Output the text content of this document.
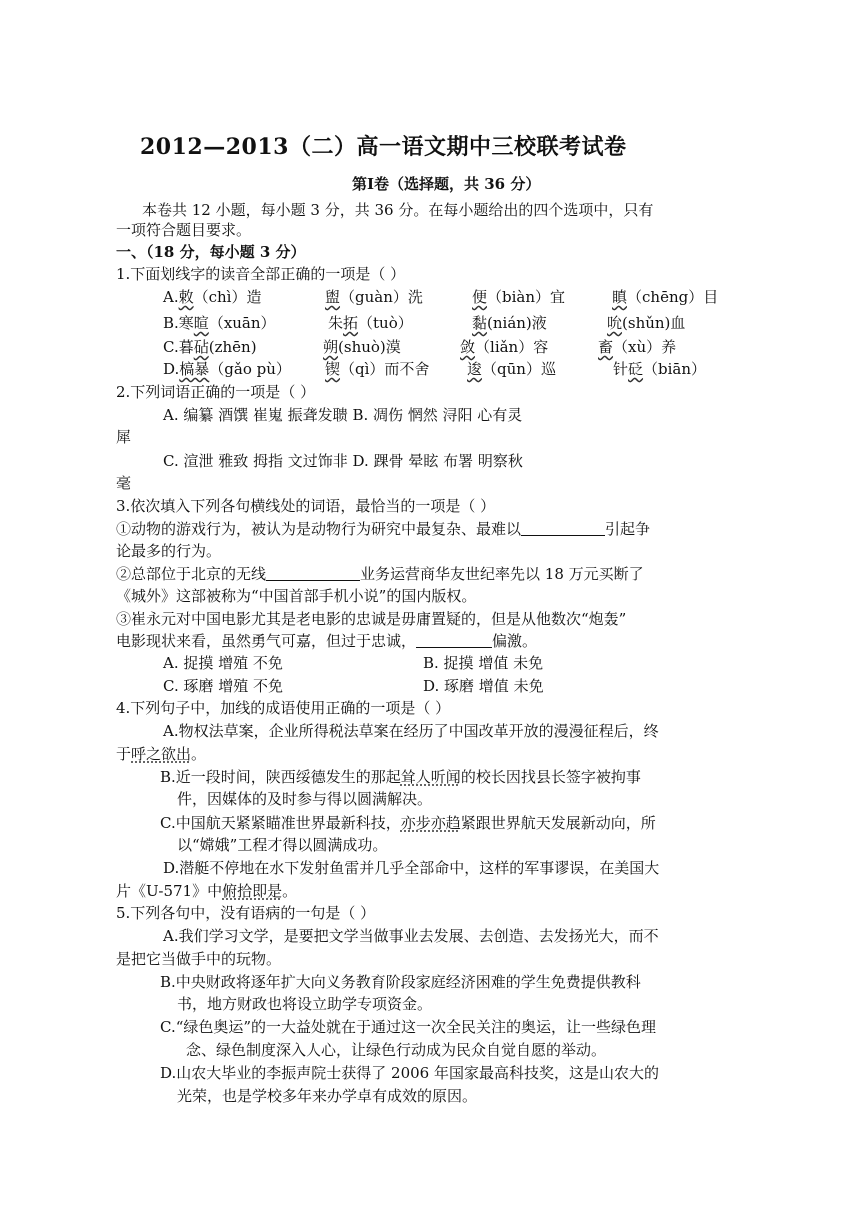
2012—2013（二）高一语文期中三校联考试卷
第Ⅰ卷（选择题，共 36 分）
本卷共 12 小题，每小题 3 分，共 36 分。在每小题给出的四个选项中，只有
一项符合题目要求。
一、（18 分，每小题 3 分）
1.下面划线字的读音全部正确的一项是（ ）
A.敕（chì）造	盥（guàn）洗	便（biàn）宜	瞋（chēng）目
B.寒暄（xuān）	朱拓（tuò）	黏(nián)液	吮(shǔn)血
C.暮砧(zhēn)	朔(shuò)漠	敛（liǎn）容	畜（xù）养
D.槁暴（gǎo pù） 锲（qì）而不舍	逡（qūn）巡	针砭（biān）
2.下列词语正确的一项是（ ）
A. 编纂 酒馔 崔嵬 振聋发聩 B. 凋伤 惘然 浔阳 心有灵
犀
C. 渲泄 雅致 拇指 文过饰非 D. 踝骨 晕眩 布署 明察秋
毫
3.依次填入下列各句横线处的词语，最恰当的一项是（ ）
①动物的游戏行为，被认为是动物行为研究中最复杂、最难以	引起争
论最多的行为。
②总部位于北京的无线	业务运营商华友世纪率先以 18 万元买断了
《城外》这部被称为“中国首部手机小说”的国内版权。
③崔永元对中国电影尤其是老电影的忠诚是毋庸置疑的，但是从他数次“炮轰”
电影现状来看，虽然勇气可嘉，但过于忠诚，	偏激。
A. 捉摸 增殖 不免	B. 捉摸 增值 未免
C. 琢磨 增殖 不免	D. 琢磨 增值 未免
4.下列句子中，加线的成语使用正确的一项是（ ）
A.物权法草案，企业所得税法草案在经历了中国改革开放的漫漫征程后，终
于呼之欲出。
B.近一段时间，陕西绥德发生的那起耸人听闻的校长因找县长签字被拘事
件，因媒体的及时参与得以圆满解决。
C.中国航天紧紧瞄准世界最新科技，亦步亦趋紧跟世界航天发展新动向，所
以“嫦娥”工程才得以圆满成功。
D.潜艇不停地在水下发射鱼雷并几乎全部命中，这样的军事谬误，在美国大
片《U-571》中俯拾即是。
5.下列各句中，没有语病的一句是（ ）
A.我们学习文学，是要把文学当做事业去发展、去创造、去发扬光大，而不
是把它当做手中的玩物。
B.中央财政将逐年扩大向义务教育阶段家庭经济困难的学生免费提供教科
书，地方财政也将设立助学专项资金。
C.“绿色奥运”的一大益处就在于通过这一次全民关注的奥运，让一些绿色理
念、绿色制度深入人心，让绿色行动成为民众自觉自愿的举动。
D.山农大毕业的李振声院士获得了 2006 年国家最高科技奖，这是山农大的
光荣，也是学校多年来办学卓有成效的原因。
